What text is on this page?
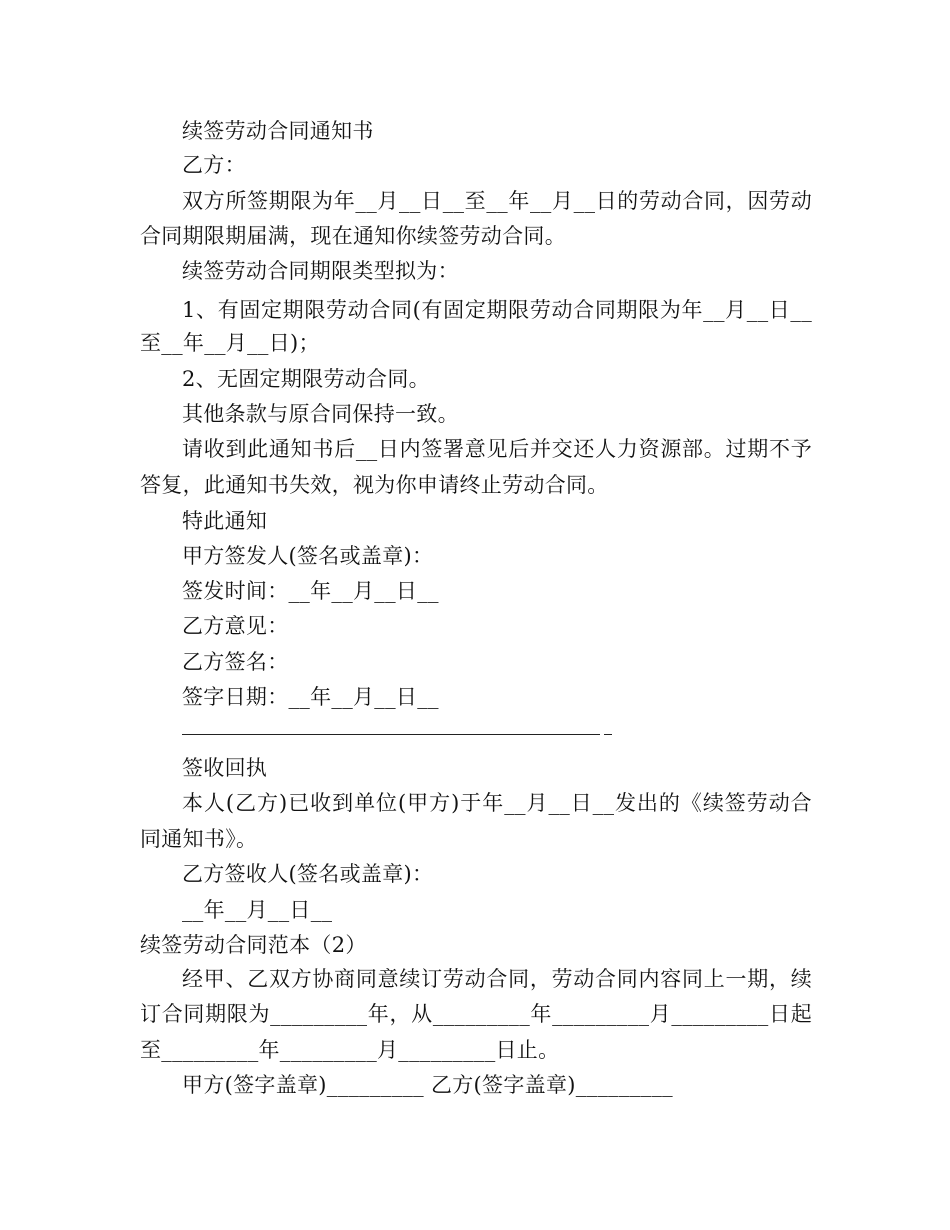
续签劳动合同通知书
乙方：
双方所签期限为年__月__日__至__年__月__日的劳动合同，因劳动
合同期限期届满，现在通知你续签劳动合同。
续签劳动合同期限类型拟为：
1、有固定期限劳动合同(有固定期限劳动合同期限为年__月__日__
至__年__月__日)；
2、无固定期限劳动合同。
其他条款与原合同保持一致。
请收到此通知书后__日内签署意见后并交还人力资源部。过期不予
答复，此通知书失效，视为你申请终止劳动合同。
特此通知
甲方签发人(签名或盖章)：
签发时间：__年__月__日__
乙方意见：
乙方签名：
签字日期：__年__月__日__
签收回执
本人(乙方)已收到单位(甲方)于年__月__日__发出的《续签劳动合
同通知书》。
乙方签收人(签名或盖章)：
__年__月__日__
续签劳动合同范本（2）
经甲、乙双方协商同意续订劳动合同，劳动合同内容同上一期，续
订合同期限为_________年，从_________年_________月_________日起
至_________年_________月_________日止。
甲方(签字盖章)_________ 乙方(签字盖章)_________
